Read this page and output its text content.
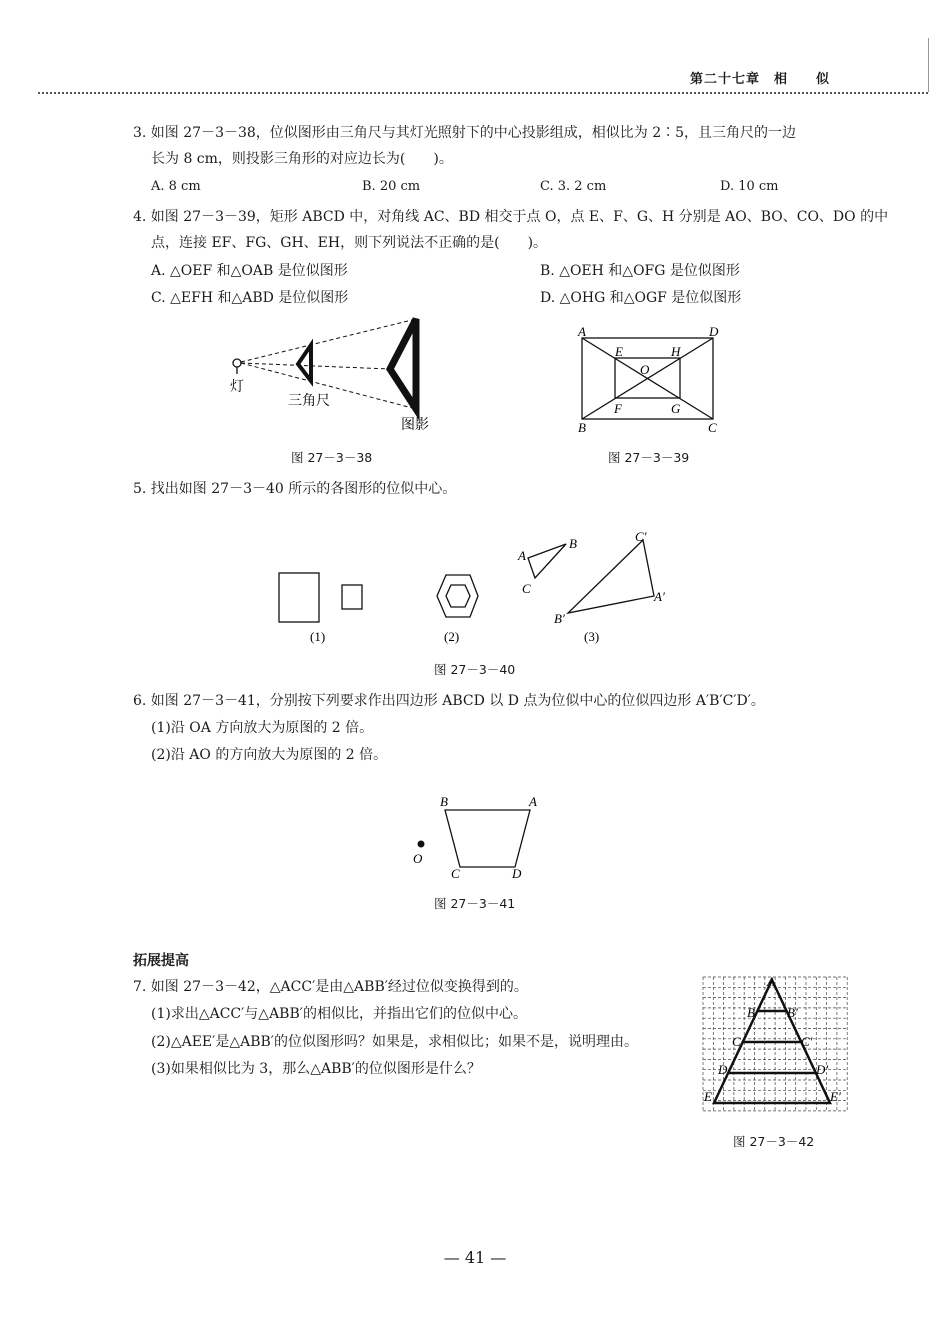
第二十七章　相　　似
3. 如图 27－3－38，位似图形由三角尺与其灯光照射下的中心投影组成，相似比为 2∶5，且三角尺的一边
长为 8 cm，则投影三角形的对应边长为(　　)。
A. 8 cm	B. 20 cm	C. 3. 2 cm	D. 10 cm
4. 如图 27－3－39，矩形 ABCD 中，对角线 AC、BD 相交于点 O，点 E、F、G、H 分别是 AO、BO、CO、DO 的中
点，连接 EF、FG、GH、EH，则下列说法不正确的是(　　)。
A. △OEF 和△OAB 是位似图形	B. △OEH 和△OFG 是位似图形
C. △EFH 和△ABD 是位似图形	D. △OHG 和△OGF 是位似图形
灯
三角尺
图影
图 27－3－38
A	D
E	H
O
F	G
B	C
图 27－3－39
5. 找出如图 27－3－40 所示的各图形的位似中心。
A
B
C
C′
A′
B′
(1)	(2)	(3)
图 27－3－40
6. 如图 27－3－41，分别按下列要求作出四边形 ABCD 以 D 点为位似中心的位似四边形 A′B′C′D′。
(1)沿 OA 方向放大为原图的 2 倍。
(2)沿 AO 的方向放大为原图的 2 倍。
B	A
O
C	D
图 27－3－41
拓展提高
7. 如图 27－3－42，△ACC′是由△ABB′经过位似变换得到的。
(1)求出△ACC′与△ABB′的相似比，并指出它们的位似中心。
(2)△AEE′是△ABB′的位似图形吗？如果是，求相似比；如果不是，说明理由。
(3)如果相似比为 3，那么△ABB′的位似图形是什么？
A
B B′
C	C′
D	D′
E	E′
图 27－3－42
— 41 —
